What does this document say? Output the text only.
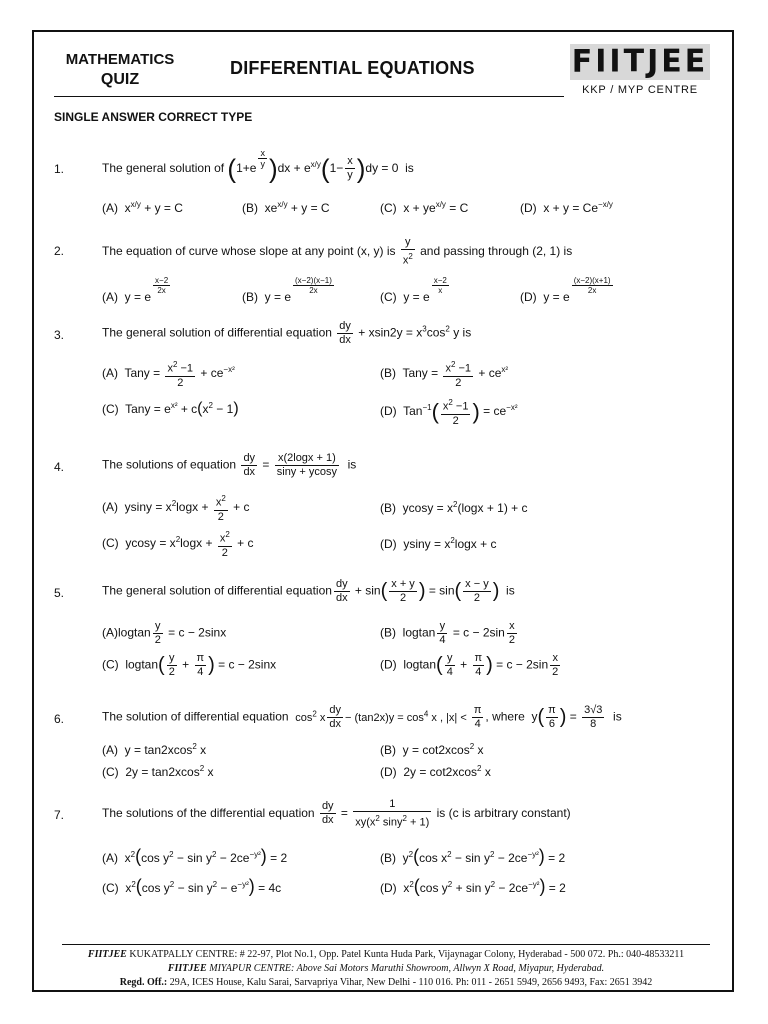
MATHEMATICS
QUIZ
DIFFERENTIAL EQUATIONS	FIITJEE
KKP / MYP CENTRE
SINGLE ANSWER CORRECT TYPE
1.	The general solution of $(1+e \frac{x}{y} )dx + e^{x/y}(1- \frac{x}{y} )dy = 0$  is
(A)  $x^{x/y} + y = C$	(B)  $xe^{x/y} + y = C$	(C)  $x + ye^{x/y} = C$	(D)  $x + y = Ce^{-x/y}$
2.	The equation of curve whose slope at any point (x, y) is $\frac{y}{x^2}$ and passing through (2, 1) is
(A)  y = e
$\frac{x-2}{2x}$
(B)  y = e
$\frac{(x-2)(x-1)}{2x}$
(C)  y = e
$\frac{x-2}{x}$
(D)  y = e
$\frac{(x-2)(x+1)}{2x}$
3.	The general solution of differential equation $\frac{dy}{dx} + xsin2y = x^3\cos^2$ y is
(A)  Tany = $\frac{x^2 -1}{2} + ce^{-x^2}$	(B)  Tany = $\frac{x^2 -1}{2} + ce^{x^2}$
(C)  Tany = $e^{x^2} + c(x^2 - 1)$	(D)  $Tan^{-1}( \frac{x^2 -1}{2}$ ) = $ce^{-x^2}$
4.	The solutions of equation $\frac{dy}{dx} = \frac{x(2\log x + 1)}{\sin y + ycosy}$ is
(A)  $ysiny = x^2\log x + \frac{x^2}{2} + c$	(B)  $ycosy = x^2(\log x + 1) + c$
(C)  $ycosy = x^2\log x + \frac{x^2}{2} + c$	(D)  $ysiny = x^2\log x + c$
5.	The general solution of differential equation $\frac{dy}{dx} + \sin( \frac{x + y}{2}$ ) = $\sin( \frac{x - y}{2}$ )  is
$(A)logtan \frac{y}{2} = c - 2\sin x$	(B)  logtan $\frac{y}{4} = c - 2\sin \frac{x}{2}$
(C)  $logtan( \frac{y}{2} + \frac{\pi}{4}$ ) = c − 2sinx	(D)  $logtan( \frac{y}{4} + \frac{\pi}{4}$ ) = $c - 2\sin \frac{x}{2}$
6.	The solution of differential equation  $\cos^2 x \frac{dy}{dx} - (\tan 2x)y = \cos^4 x$ , $|x| < \frac{\pi}{4}$ , where  $y( \frac{\pi}{6}$ ) = $\frac{3√3}{8}$ is
(A)  y = tan2xcos$^2$ x	(B)  y = cot2xcos$^2$ x
(C)  2y = tan2xcos$^2$ x	(D)  2y = cot2xcos$^2$ x
7.	The solutions of the differential equation $\frac{dy}{dx} = \frac{1}{xy(x^2 \sin y^2 + 1)}$ is (c is arbitrary constant)
(A)  $x^2(\cos$ $y^2 - \sin y^2 - 2ce^{-y^2}) = 2$	(B)  $y^2(\cos$ $x^2 - \sin y^2 - 2ce^{-y^2}) = 2$
(C)  $x^2(\cos$ $y^2 - \sin y^2 - e^{-y^2}) = 4c$	(D)  $x^2(\cos$ $y^2 + \sin y^2 - 2ce^{-y^2}) = 2$
FIITJEE KUKATPALLY CENTRE: # 22-97, Plot No.1, Opp. Patel Kunta Huda Park, Vijaynagar Colony, Hyderabad - 500 072. Ph.: 040-48533211
FIITJEE MIYAPUR CENTRE: Above Sai Motors Maruthi Showroom, Allwyn X Road, Miyapur, Hyderabad.
Regd. Off.: 29A, ICES House, Kalu Sarai, Sarvapriya Vihar, New Delhi - 110 016. Ph: 011 - 2651 5949, 2656 9493, Fax: 2651 3942
